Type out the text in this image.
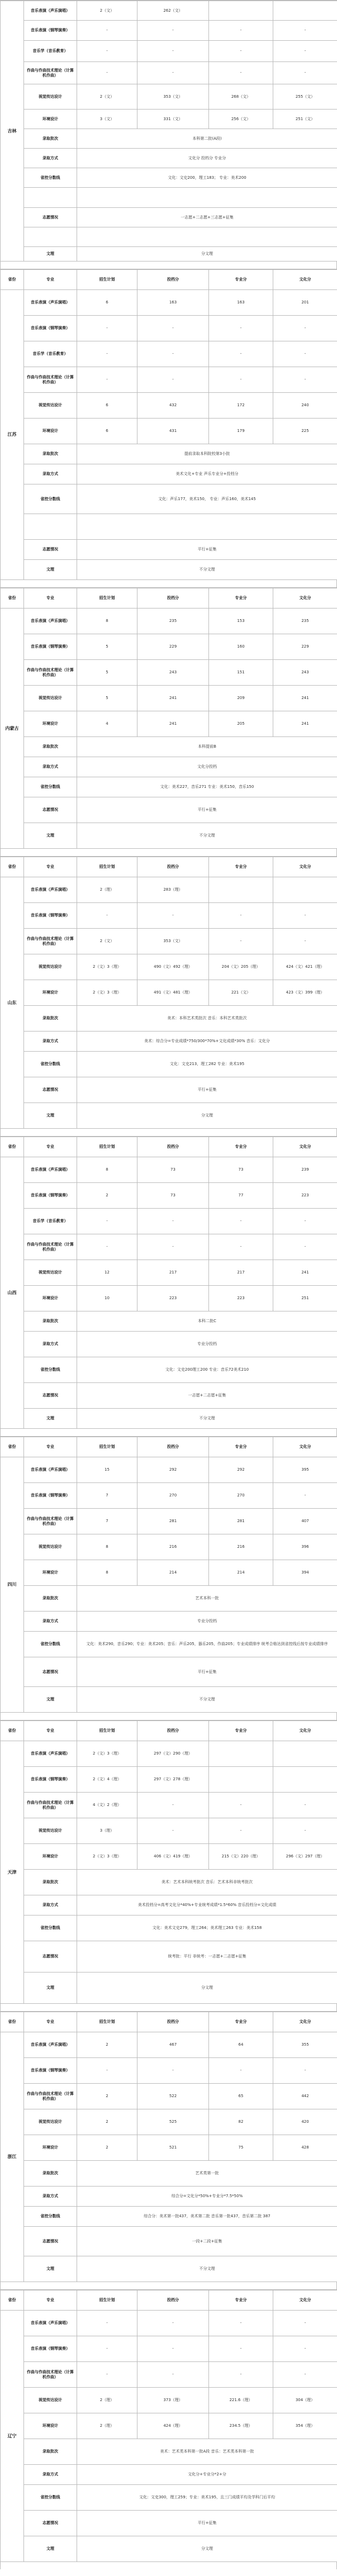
吉林	音乐表演（声乐演唱）	2（文）	262（文）		
	音乐表演（钢琴演奏）	-	-	-	-
	音乐学（音乐教育）	-	-	-	-
	作曲与作曲技术理论（计算机作曲）	-	-	-	-
	视觉传达设计	2（文）	353（文）	268（文）	255（文）
	环境设计	3（文）	331（文）	256（文）	251（文）
	录取批次	本科第二批(A段)			
	录取方式	文化分 投档分 专业分			
	省控分数线	文化：文史200，理工183； 专业：美术200			

	志愿情况	一志愿+二志愿+三志愿+征集			

	文理	分文理			
省份	专业	招生计划	投档分	专业分	文化分
江苏	音乐表演（声乐演唱）	6	163	163	201
	音乐表演（钢琴演奏）	-	-	-	-
	音乐学（音乐教育）	-	-	-	-
	作曲与作曲技术理论（计算机作曲）	-	-	-	-
	视觉传达设计	6	432	172	240
	环境设计	6	431	179	225
	录取批次	提前录取本科院校第3小批			
	录取方式	美术文化+专业 声乐专业分+投档分			
	省控分数线	文化：声乐177，美术150， 专业：声乐160，美术145			

	志愿情况	平行+征集			
	文理	不分文理			
省份	专业	招生计划	投档分	专业分	文化分
内蒙古	音乐表演（声乐演唱）	8	235	153	235
	音乐表演（钢琴演奏）	5	229	160	229
	作曲与作曲技术理论（计算机作曲）	5	243	151	243
	视觉传达设计	5	241	209	241
	环境设计	4	241	205	241
	录取批次	本科提前B			
	录取方式	文化分投档			
	省控分数线	文化：美术227，音乐271 专业：美术150，音乐150			
	志愿情况	平行+征集			
	文理	不分文理			
省份	专业	招生计划	投档分	专业分	文化分
山东	音乐表演（声乐演唱）	2（理）	283（理）		
	音乐表演（钢琴演奏）	-	-	-	-
	作曲与作曲技术理论（计算机作曲）	2（文）	353（文）	-	-
	视觉传达设计	2（文）3（理）	490（文）492（理）	204（文）205（理）	424（文）421（理）
	环境设计	2（文）3（理）	491（文）481（理）	221（文）	423（文）399（理）
	录取批次	美术：本科艺术类批次 音乐：本科艺术类批次			
	录取方式	美术：综合分=专业成绩*750/300*70%+文化成绩*30% 音乐：文化分			
	省控分数线	文化：文史213，理工282 专业：美术195			
	志愿情况	平行+征集			
	文理	分文理			
省份	专业	招生计划	投档分	专业分	文化分
山西	音乐表演（声乐演唱）	8	73	73	239
	音乐表演（钢琴演奏）	2	73	77	223
	音乐学（音乐教育）	-	-	-	-
	作曲与作曲技术理论（计算机作曲）	-	-	-	-
	视觉传达设计	12	217	217	241
	环境设计	10	223	223	251
	录取批次	本科二批C			
	录取方式	专业分投档			
	省控分数线	文化：文史200理工200 专业：音乐72美术210			
	志愿情况	一志愿+二志愿+征集			
	文理	不分文理			
省份	专业	招生计划	投档分	专业分	文化分
四川	音乐表演（声乐演唱）	15	292	292	395
	音乐表演（钢琴演奏）	7	270	270	-
	作曲与作曲技术理论（计算机作曲）	7	281	281	407
	视觉传达设计	8	216	216	396
	环境设计	8	214	214	394
	录取批次	艺术本科一批			
	录取方式	专业分投档			
	省控分数线	文化：美术290，音乐290；专业：美术205；音乐：声乐205，器乐205，作曲205；专业成绩排序 统考合格达到省控线后按专业成绩排序			
	志愿情况	平行+征集			
	文理	不分文理			
省份	专业	招生计划	投档分	专业分	文化分
天津	音乐表演（声乐演唱）	2（文）3（理）	297（文）290（理）		
	音乐表演（钢琴演奏）	2（文）4（理）	297（文）278（理）		
	作曲与作曲技术理论（计算机作曲）	4（文）2（理）	-	-	-
	视觉传达设计	3（理）	-	-	-
	环境设计	2（文）3（理）	406（文）419（理）	215（文）220（理）	296（文）297（理）
	录取批次	美术：艺术本科统考批次 音乐：艺术本科非统考批次			
	录取方式	美术投档分=高考文化分*40%+专业统考成绩*1.5*60% 音乐投档分=文化成绩			
	省控分数线	文化：美术文史279，理工264；美术理工263 专业：美术158			
	志愿情况	统考批：平行 非统考：一志愿+二志愿+征集			
	文理	分文理			
省份	专业	招生计划	投档分	专业分	文化分
浙江	音乐表演（声乐演唱）	2	467	64	355
	音乐表演（钢琴演奏）	-	-	-	-
	作曲与作曲技术理论（计算机作曲）	2	522	65	442
	视觉传达设计	2	525	82	420
	环境设计	2	521	75	428
	录取批次	艺术类第一批			
	录取方式	综合分=文化分*50%+专业分*7.5*50%			
	省控分数线	综合分：美术第一批437，美术第二批 音乐第一批437，音乐第二批 387			
	志愿情况	一段+二段+征集			
	文理	不分文理			
省份	专业	招生计划	投档分	专业分	文化分
辽宁	音乐表演（声乐演唱）	-	-	-	-
	音乐表演（钢琴演奏）	-	-	-	-
	作曲与作曲技术理论（计算机作曲）	-	-	-	-
	视觉传达设计	2（理）	373（理）	221.6（理）	304（理）
	环境设计	2（理）	424（理）	234.5（理）	354（理）
	录取批次	美术：艺术类本科第一批A段 音乐：艺术类本科第一批			
	录取方式	文化分+专业分*2+分			
	省控分数线	文化：文史300，理工259；专业：美术195，且三门成绩平均及学科门后平均			
	志愿情况	平行+征集			
	文理	分文理			
